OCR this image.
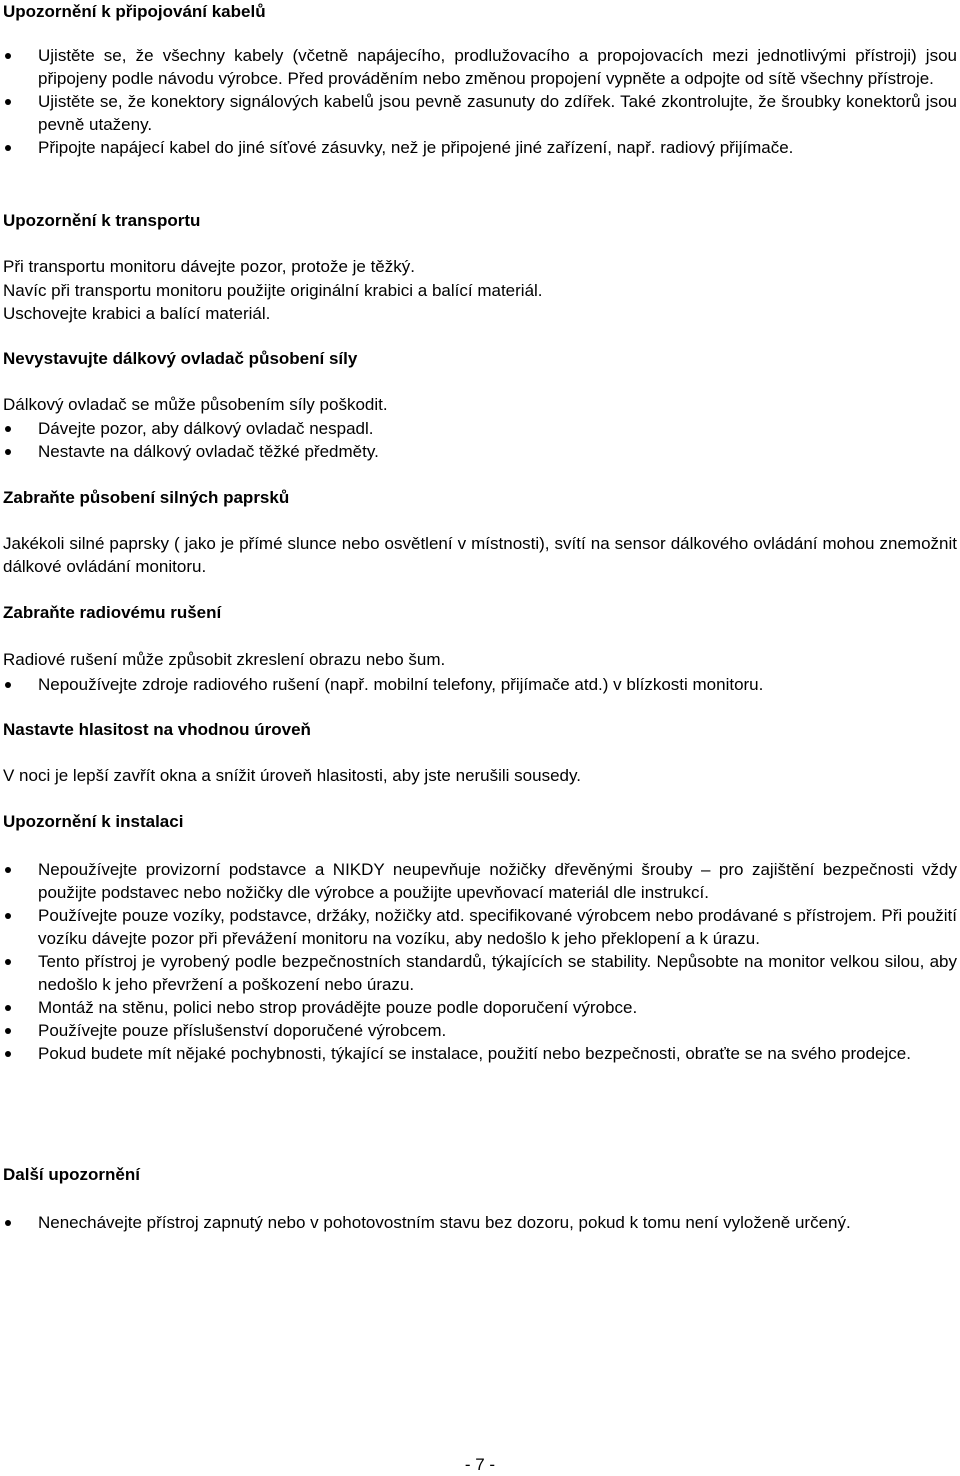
Upozornění k připojování kabelů
Ujistěte se, že všechny kabely (včetně napájecího, prodlužovacího a propojovacích mezi jednotlivými přístroji) jsou připojeny podle návodu výrobce. Před prováděním nebo změnou propojení vypněte a odpojte od sítě všechny přístroje.
Ujistěte se, že konektory signálových kabelů jsou pevně zasunuty do zdířek. Také zkontrolujte, že šroubky konektorů jsou pevně utaženy.
Připojte napájecí kabel do jiné síťové zásuvky, než je připojené jiné zařízení, např. radiový přijímače.
Upozornění k transportu
Při transportu monitoru dávejte pozor, protože je těžký.
Navíc při transportu monitoru použijte originální krabici a balící materiál.
Uschovejte krabici a balící materiál.
Nevystavujte dálkový ovladač působení síly
Dálkový ovladač se může působením síly poškodit.
Dávejte pozor, aby dálkový ovladač nespadl.
Nestavte na dálkový ovladač těžké předměty.
Zabraňte působení silných paprsků
Jakékoli silné paprsky ( jako je přímé slunce nebo osvětlení v místnosti), svítí na sensor dálkového ovládání mohou znemožnit dálkové ovládání monitoru.
Zabraňte radiovému rušení
Radiové rušení může způsobit zkreslení obrazu nebo šum.
Nepoužívejte zdroje radiového rušení (např. mobilní telefony, přijímače atd.) v blízkosti monitoru.
Nastavte hlasitost na vhodnou úroveň
V noci je lepší zavřít okna a snížit úroveň hlasitosti, aby jste nerušili sousedy.
Upozornění k instalaci
Nepoužívejte provizorní podstavce a NIKDY neupevňuje nožičky dřevěnými šrouby – pro zajištění bezpečnosti vždy použijte podstavec nebo nožičky dle výrobce a použijte upevňovací materiál dle instrukcí.
Používejte pouze vozíky, podstavce, držáky, nožičky atd. specifikované výrobcem nebo prodávané s přístrojem. Při použití vozíku dávejte pozor při převážení monitoru na vozíku, aby nedošlo k jeho překlopení a k úrazu.
Tento přístroj je vyrobený podle bezpečnostních standardů, týkajících se stability. Nepůsobte na monitor velkou silou, aby nedošlo k jeho převržení a poškození nebo úrazu.
Montáž na stěnu, polici nebo strop provádějte pouze podle doporučení výrobce.
Používejte pouze příslušenství doporučené výrobcem.
Pokud budete mít nějaké pochybnosti, týkající se instalace, použití nebo bezpečnosti, obraťte se na svého prodejce.
Další upozornění
Nenechávejte přístroj zapnutý nebo v pohotovostním stavu bez dozoru, pokud k tomu není vyloženě určený.
- 7 -
